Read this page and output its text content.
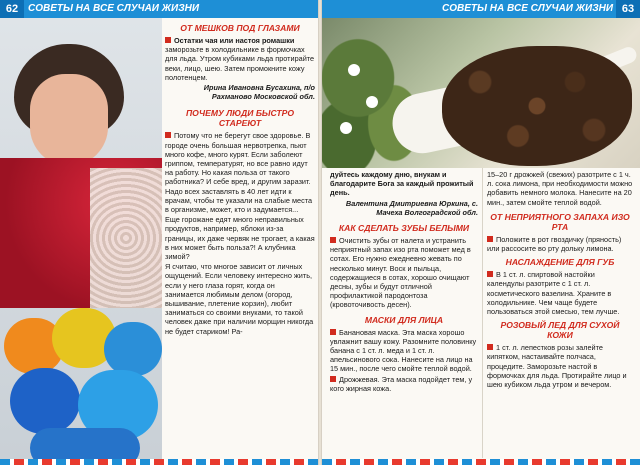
СОВЕТЫ НА ВСЕ СЛУЧАИ ЖИЗНИ
62
ОТ МЕШКОВ ПОД ГЛАЗАМИ

Остатки чая или настоя ромашки заморозьте в холодильнике в формочках для льда. Утром кубиками льда протирайте веки, лицо, шею. Затем промокните кожу полотенцем.

Ирина Ивановна Бусахина, п/о Рахманово Московской обл.

ПОЧЕМУ ЛЮДИ БЫСТРО СТАРЕЮТ

Потому что не берегут свое здоровье. В городе очень большая нервотрепка, пьют много кофе, много курят. Если заболеют гриппом, температурят, но все равно идут на работу. Но какая польза от такого работника? И себе вред, и другим заразит. Надо всех заставлять в 40 лет идти к врачам, чтобы те указали на слабые места в организме, может, кто и задумается...

Еще горожане едят много неправильных продуктов, например, яблоки из-за границы, их даже червяк не трогает, а какая в них может быть польза?! А клубника зимой?

Я считаю, что многое зависит от личных ощущений. Если человеку интересно жить, если у него глаза горят, когда он занимается любимым делом (огород, вышивание, плетение корзин), любит заниматься со своими внуками, то такой человек даже при наличии морщин никогда не будет стариком! Ра-

СОВЕТЫ НА ВСЕ СЛУЧАИ ЖИЗНИ 63

дуйтесь каждому дню, внукам и благодарите Бога за каждый прожитый день.

Валентина Дмитриевна Юркина, с. Мачеха Волгоградской обл.

КАК СДЕЛАТЬ ЗУБЫ БЕЛЫМИ

Очистить зубы от налета и устранить неприятный запах изо рта поможет мед в сотах. Его нужно ежедневно жевать по несколько минут. Воск и пыльца, содержащиеся в сотах, хорошо очищают десны, зубы и будут отличной профилактикой пародонтоза (кровоточивость десен).

МАСКИ ДЛЯ ЛИЦА

Банановая маска. Эта маска хорошо увлажнит вашу кожу. Разомните половинку банана с 1 ст. л. меда и 1 ст. л. апельсинового сока. Нанесите на лицо на 15 мин., после чего смойте теплой водой.

Дрожжевая. Эта маска подойдет тем, у кого жирная кожа.

15–20 г дрожжей (свежих) разотрите с 1 ч. л. сока лимона, при необходимости можно добавить немного молока. Нанесите на 20 мин., затем смойте теплой водой.

ОТ НЕПРИЯТНОГО ЗАПАХА ИЗО РТА

Положите в рот гвоздичку (пряность) или рассосите во рту дольку лимона.

НАСЛАЖДЕНИЕ ДЛЯ ГУБ

В 1 ст. л. спиртовой настойки календулы разотрите с 1 ст. л. косметического вазелина. Храните в холодильнике. Чем чаще будете пользоваться этой смесью, тем лучше.

РОЗОВЫЙ ЛЕД ДЛЯ СУХОЙ КОЖИ

1 ст. л. лепестков розы залейте кипятком, настаивайте полчаса, процедите. Заморозьте настой в формочках для льда. Протирайте лицо и шею кубиком льда утром и вечером.
